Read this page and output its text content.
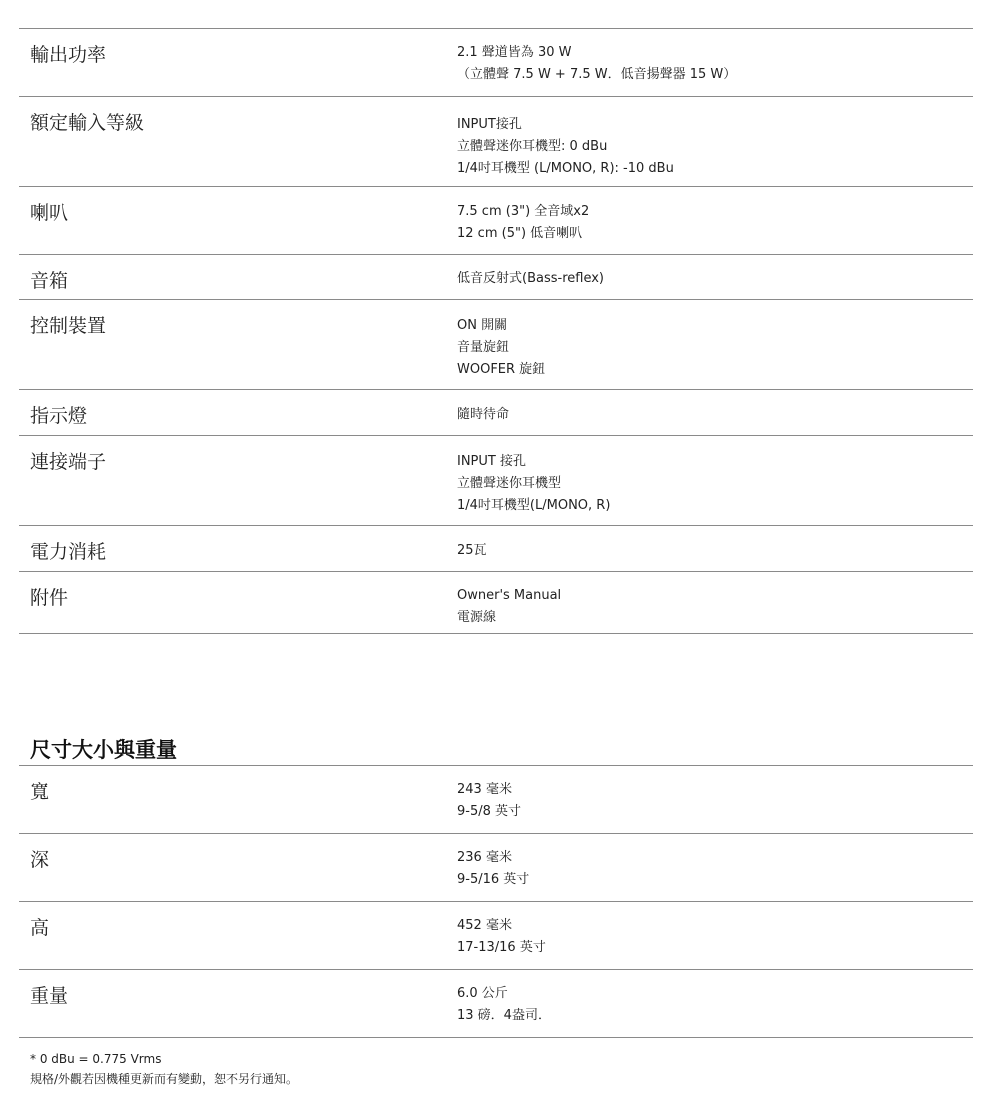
輸出功率	2.1 聲道皆為 30 W
（立體聲 7.5 W + 7.5 W．低音揚聲器 15 W）
額定輸入等級	INPUT接孔
立體聲迷你耳機型: 0 dBu
1/4吋耳機型 (L/MONO, R): -10 dBu
喇叭	7.5 cm (3") 全音域x2
12 cm (5") 低音喇叭
音箱	低音反射式(Bass-reflex)
控制裝置	ON 開關
音量旋鈕
WOOFER 旋鈕
指示燈	隨時待命
連接端子	INPUT 接孔
立體聲迷你耳機型
1/4吋耳機型(L/MONO, R)
電力消耗	25瓦
附件	Owner's Manual
電源線
尺寸大小與重量
寬	243 毫米
9-5/8 英寸
深	236 毫米
9-5/16 英寸
高	452 毫米
17-13/16 英寸
重量	6.0 公斤
13 磅．4盎司．
* 0 dBu = 0.775 Vrms
規格/外觀若因機種更新而有變動，恕不另行通知。
